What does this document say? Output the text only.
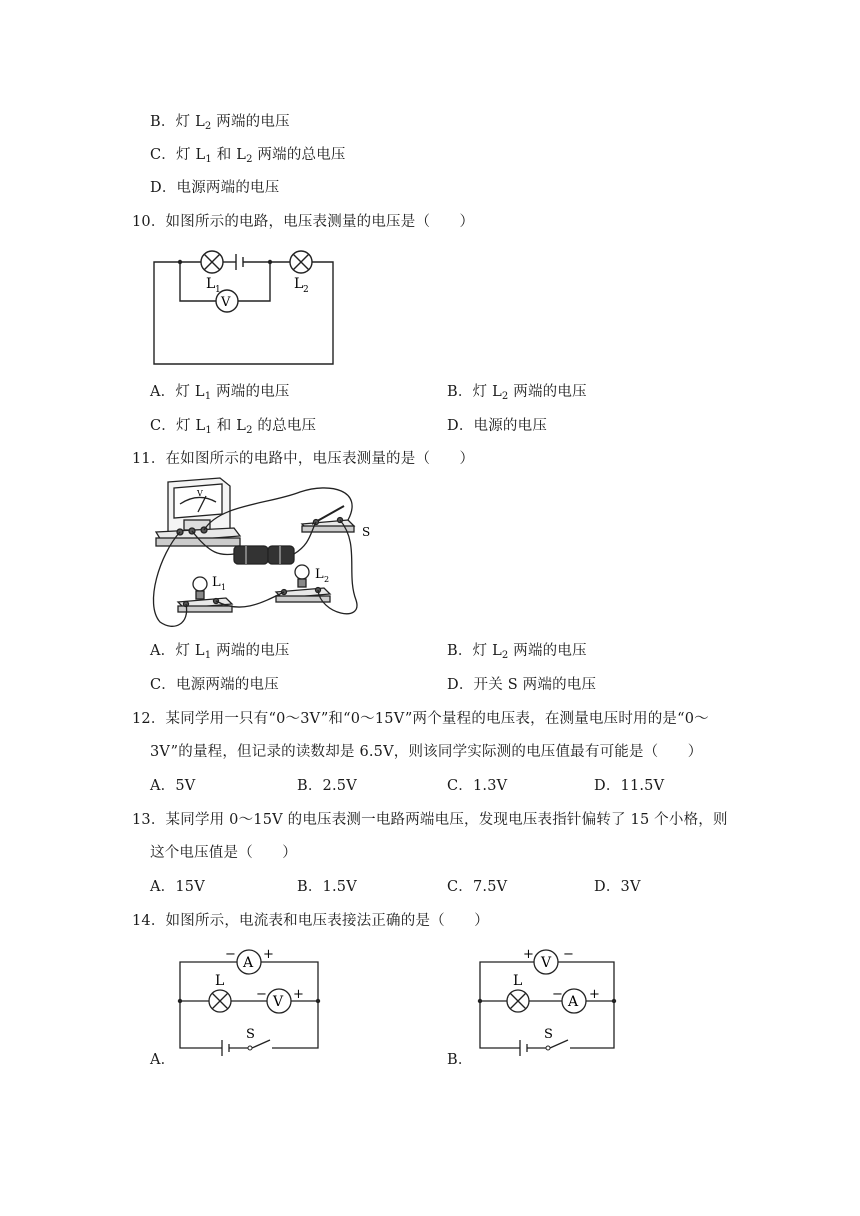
B．灯 $L_2$ 两端的电压
C．灯 $L_1$ 和 $L_2$ 两端的总电压
D．电源两端的电压
10．如图所示的电路，电压表测量的电压是（　　）
V
L 1	L 2
A．灯 $L_1$ 两端的电压	B．灯 $L_2$ 两端的电压
C．灯 $L_1$ 和 $L_2$ 的总电压	D．电源的电压
11．在如图所示的电路中，电压表测量的是（　　）
S
V
L 1
L 2
A．灯 $L_1$ 两端的电压	B．灯 $L_2$ 两端的电压
C．电源两端的电压	D．开关 S 两端的电压
12．某同学用一只有“0～3V”和“0～15V”两个量程的电压表，在测量电压时用的是“0～
3V”的量程，但记录的读数却是 6.5V，则该同学实际测的电压值最有可能是（　　）
A．5V	B．2.5V	C．1.3V	D．11.5V
13．某同学用 0～15V 的电压表测一电路两端电压，发现电压表指针偏转了 15 个小格，则
这个电压值是（　　）
A．15V	B．1.5V	C．7.5V	D．3V
14．如图所示，电流表和电压表接法正确的是（　　）
A．
A
− +
V
− +
L
S
B．
V
+ −
A
− +
L
S
